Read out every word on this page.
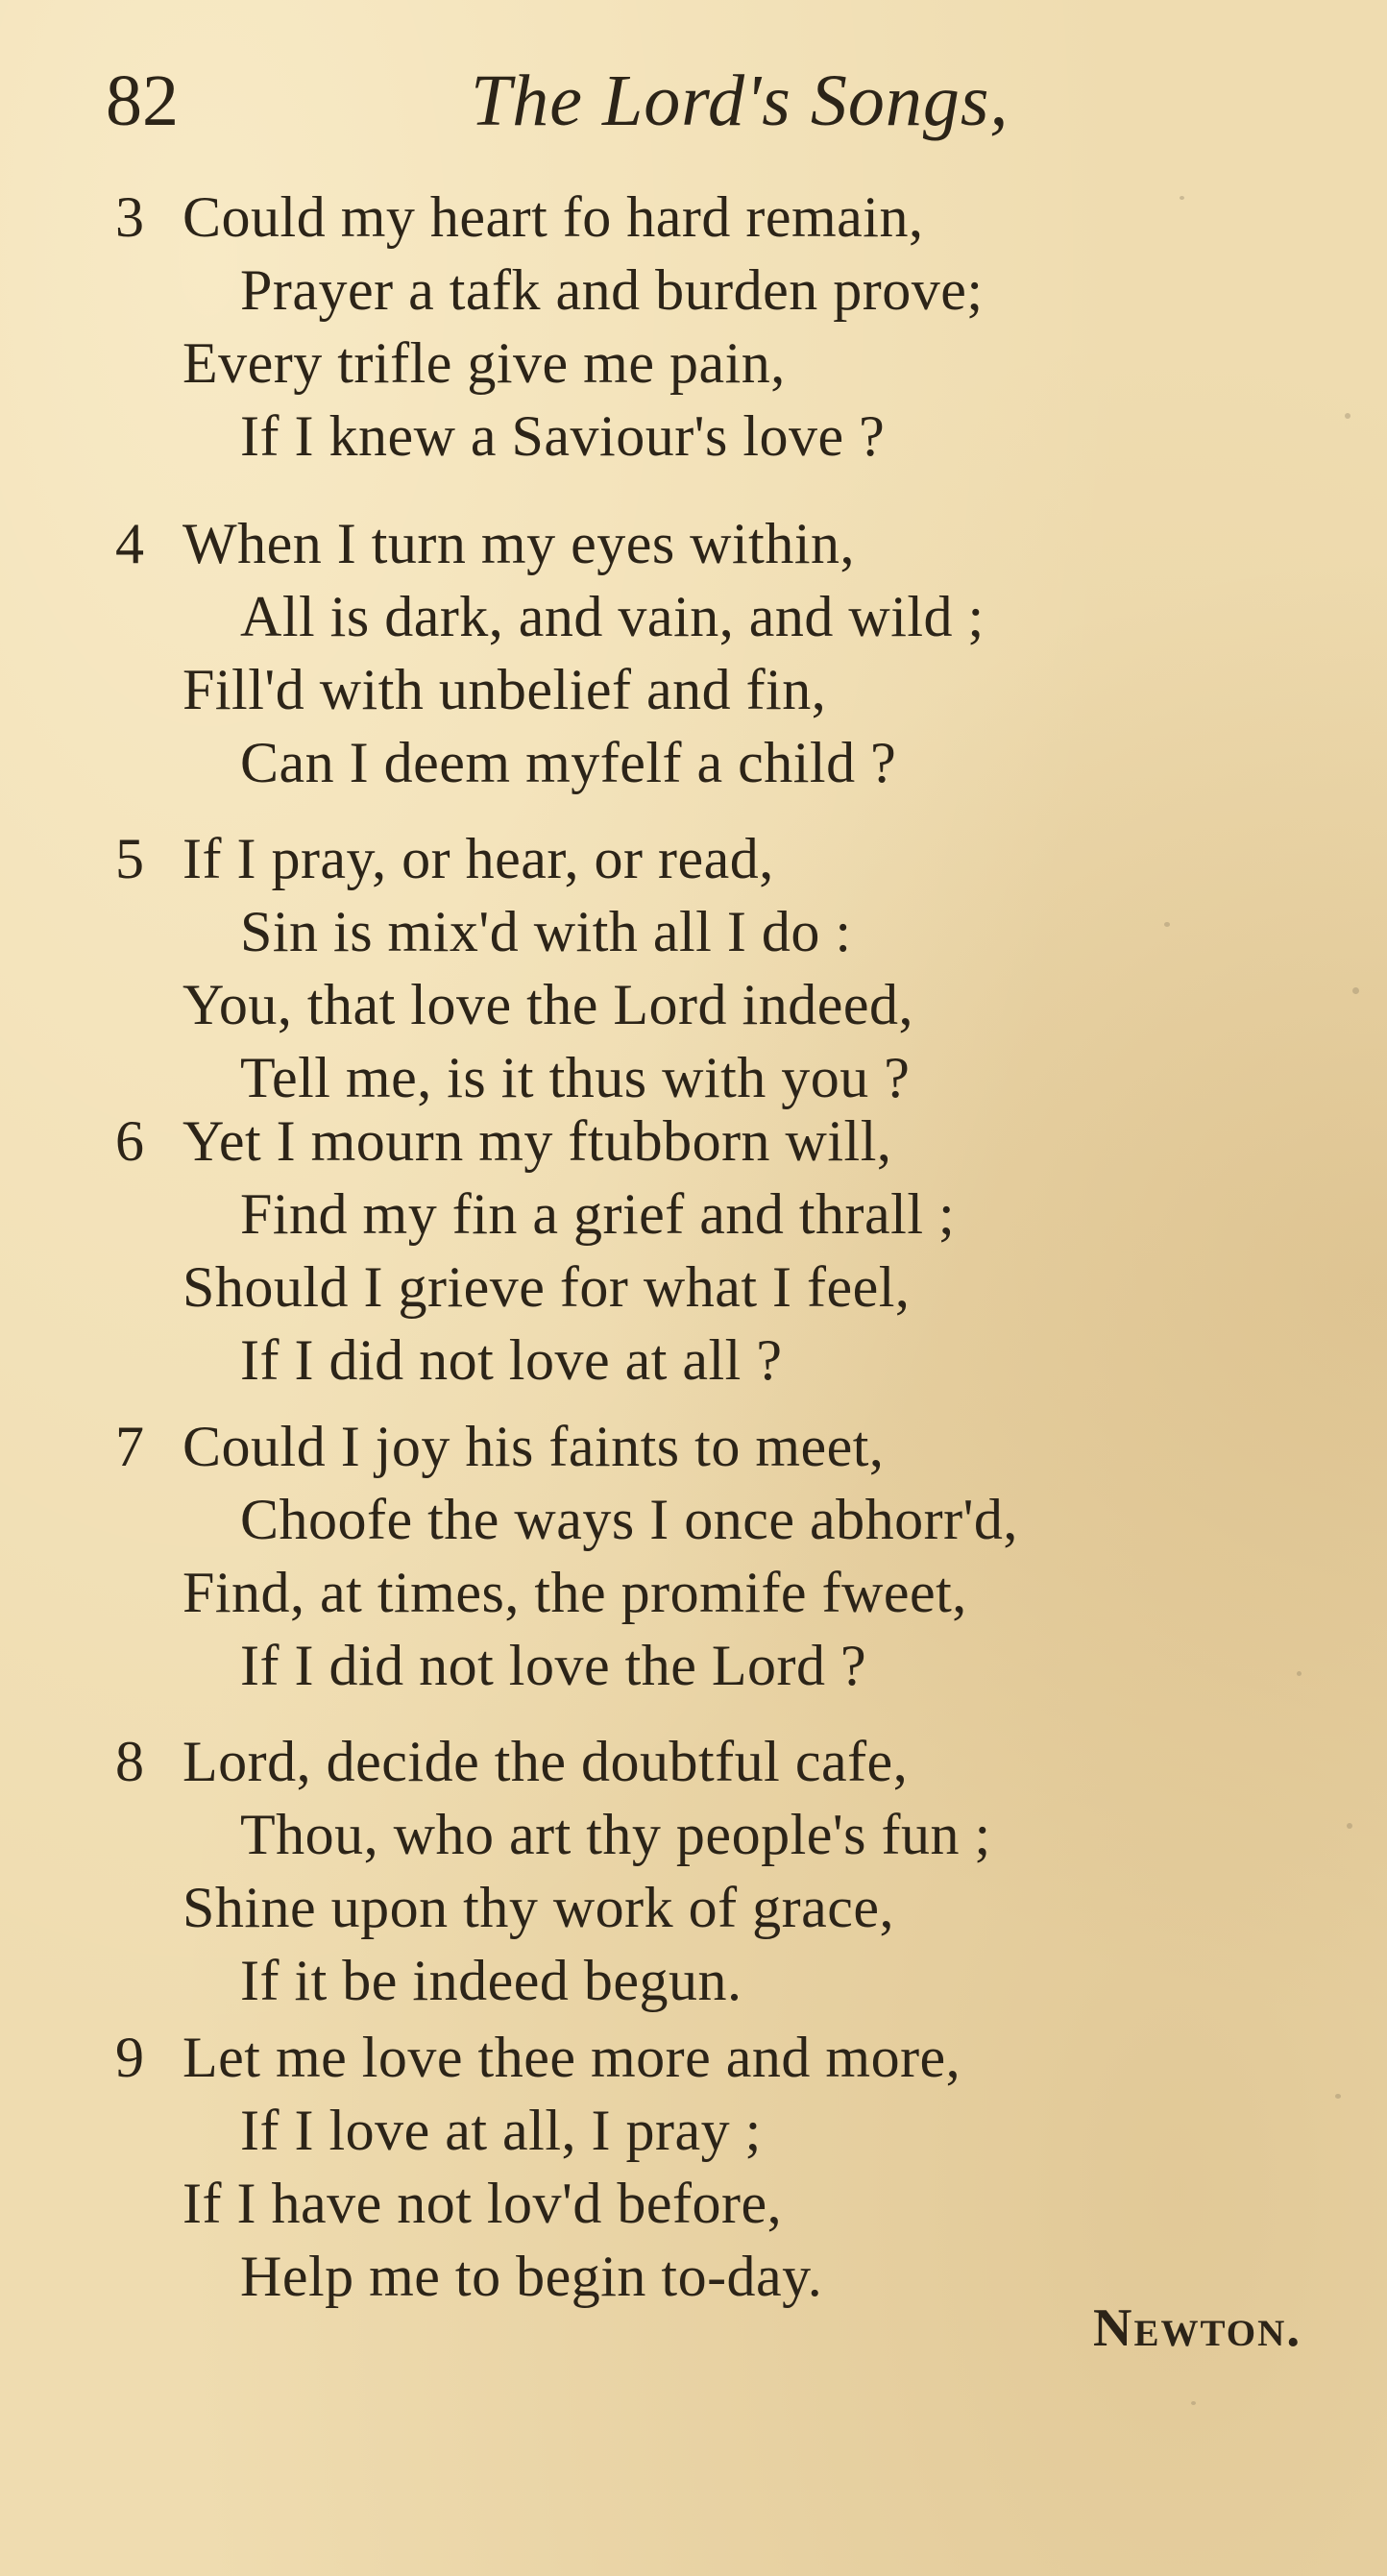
82	The Lord's Songs,
3 Could my heart fo hard remain,
Prayer a tafk and burden prove;
Every trifle give me pain,
If I knew a Saviour's love ?
4 When I turn my eyes within,
All is dark, and vain, and wild ;
Fill'd with unbelief and fin,
Can I deem myfelf a child ?
5 If I pray, or hear, or read,
Sin is mix'd with all I do :
You, that love the Lord indeed,
Tell me, is it thus with you ?
6 Yet I mourn my ftubborn will,
Find my fin a grief and thrall ;
Should I grieve for what I feel,
If I did not love at all ?
7 Could I joy his faints to meet,
Choofe the ways I once abhorr'd,
Find, at times, the promife fweet,
If I did not love the Lord ?
8 Lord, decide the doubtful cafe,
Thou, who art thy people's fun ;
Shine upon thy work of grace,
If it be indeed begun.
9 Let me love thee more and more,
If I love at all, I pray ;
If I have not lov'd before,
Help me to begin to-day.
Newton.
